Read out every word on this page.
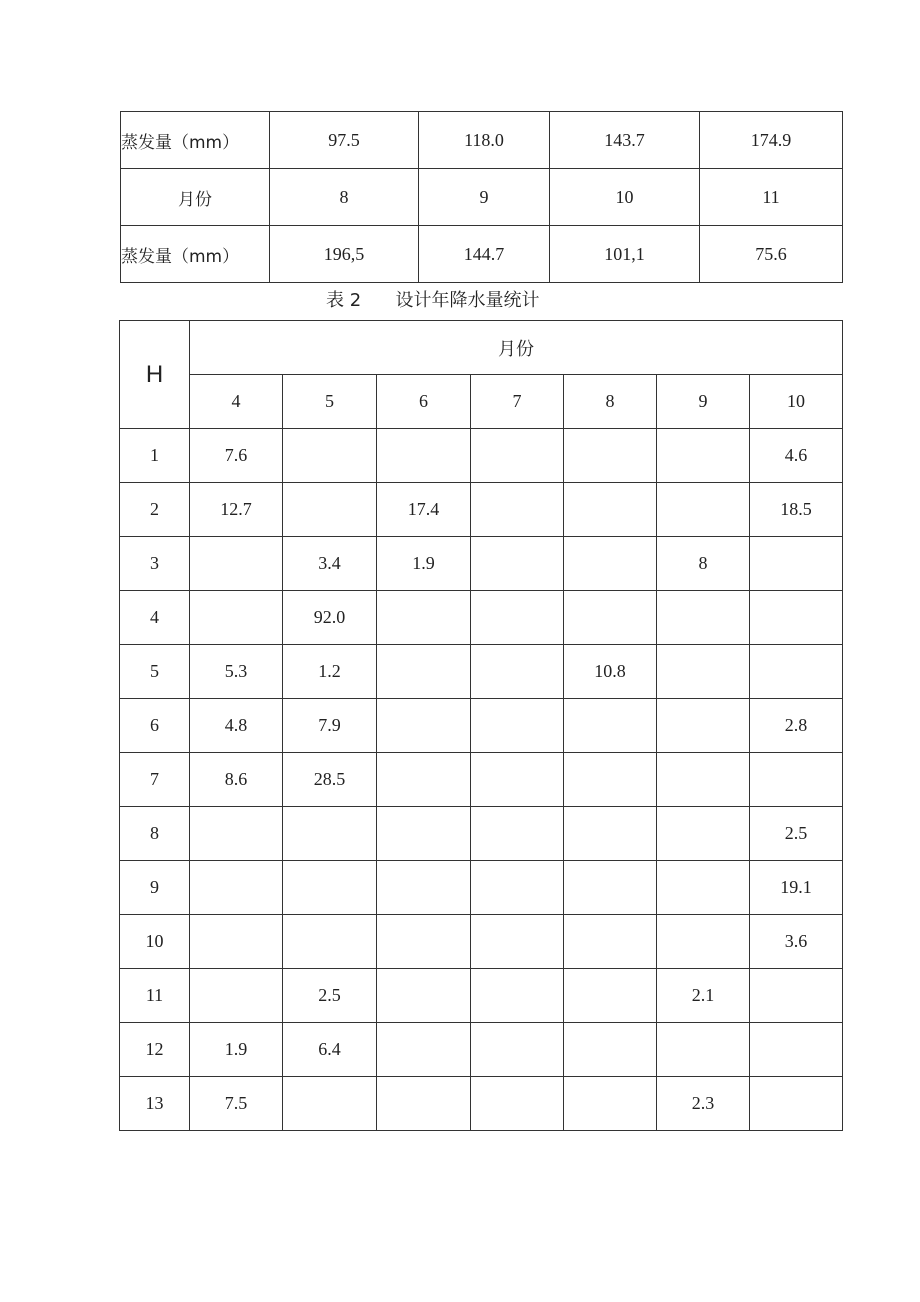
蒸发量（mm）	97.5	118.0	143.7	174.9
月份	8	9	10	11
蒸发量（mm）	196,5	144.7	101,1	75.6
表 2      设计年降水量统计
H	月份						
	4	5	6	7	8	9	10
1	7.6						4.6
2	12.7		17.4				18.5
3		3.4	1.9			8	
4		92.0					
5	5.3	1.2			10.8		
6	4.8	7.9					2.8
7	8.6	28.5					
8							2.5
9							19.1
10							3.6
11		2.5				2.1	
12	1.9	6.4					
13	7.5					2.3	
